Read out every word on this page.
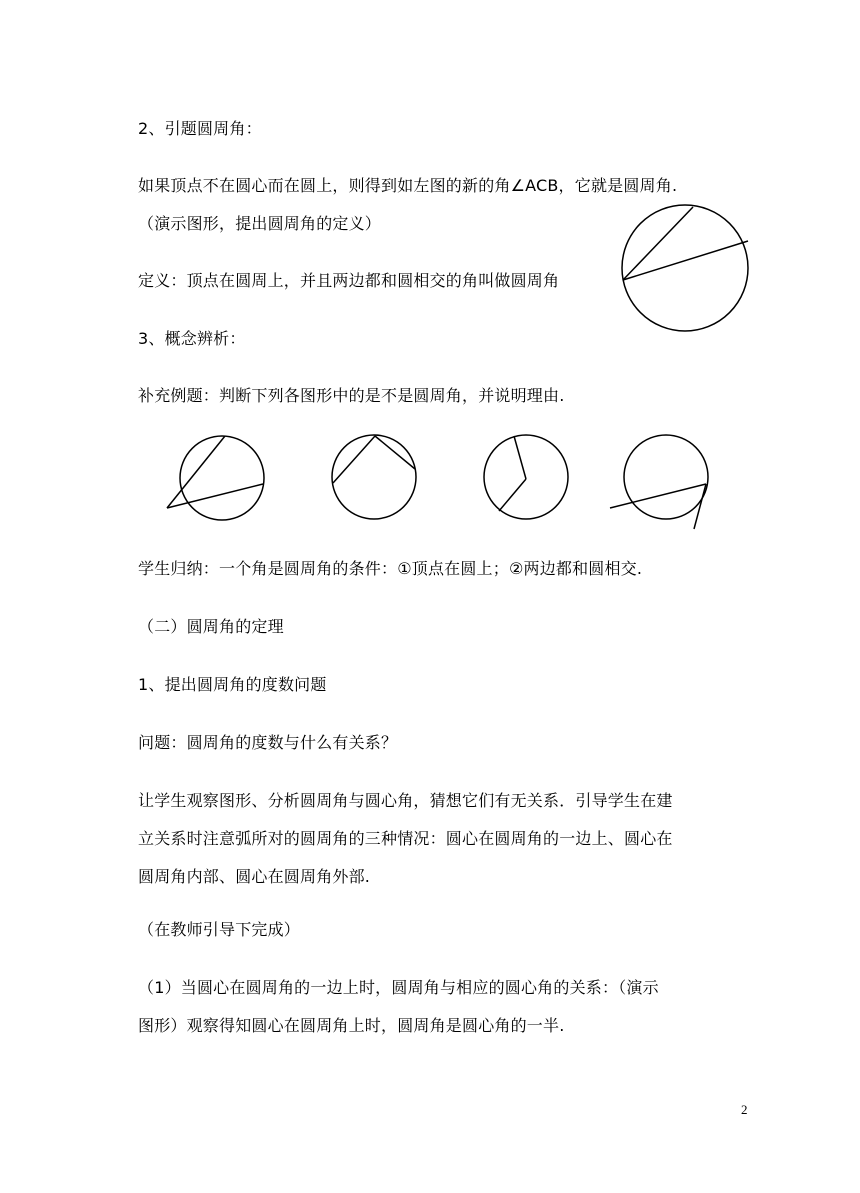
2、引题圆周角：
如果顶点不在圆心而在圆上，则得到如左图的新的角∠ACB，它就是圆周角.
（演示图形，提出圆周角的定义）
定义：顶点在圆周上，并且两边都和圆相交的角叫做圆周角
3、概念辨析：
补充例题：判断下列各图形中的是不是圆周角，并说明理由.
学生归纳：一个角是圆周角的条件：①顶点在圆上；②两边都和圆相交.
（二）圆周角的定理
1、提出圆周角的度数问题
问题：圆周角的度数与什么有关系？
让学生观察图形、分析圆周角与圆心角，猜想它们有无关系．引导学生在建
立关系时注意弧所对的圆周角的三种情况：圆心在圆周角的一边上、圆心在
圆周角内部、圆心在圆周角外部.
（在教师引导下完成）
（1）当圆心在圆周角的一边上时，圆周角与相应的圆心角的关系：（演示
图形）观察得知圆心在圆周角上时，圆周角是圆心角的一半.
2
